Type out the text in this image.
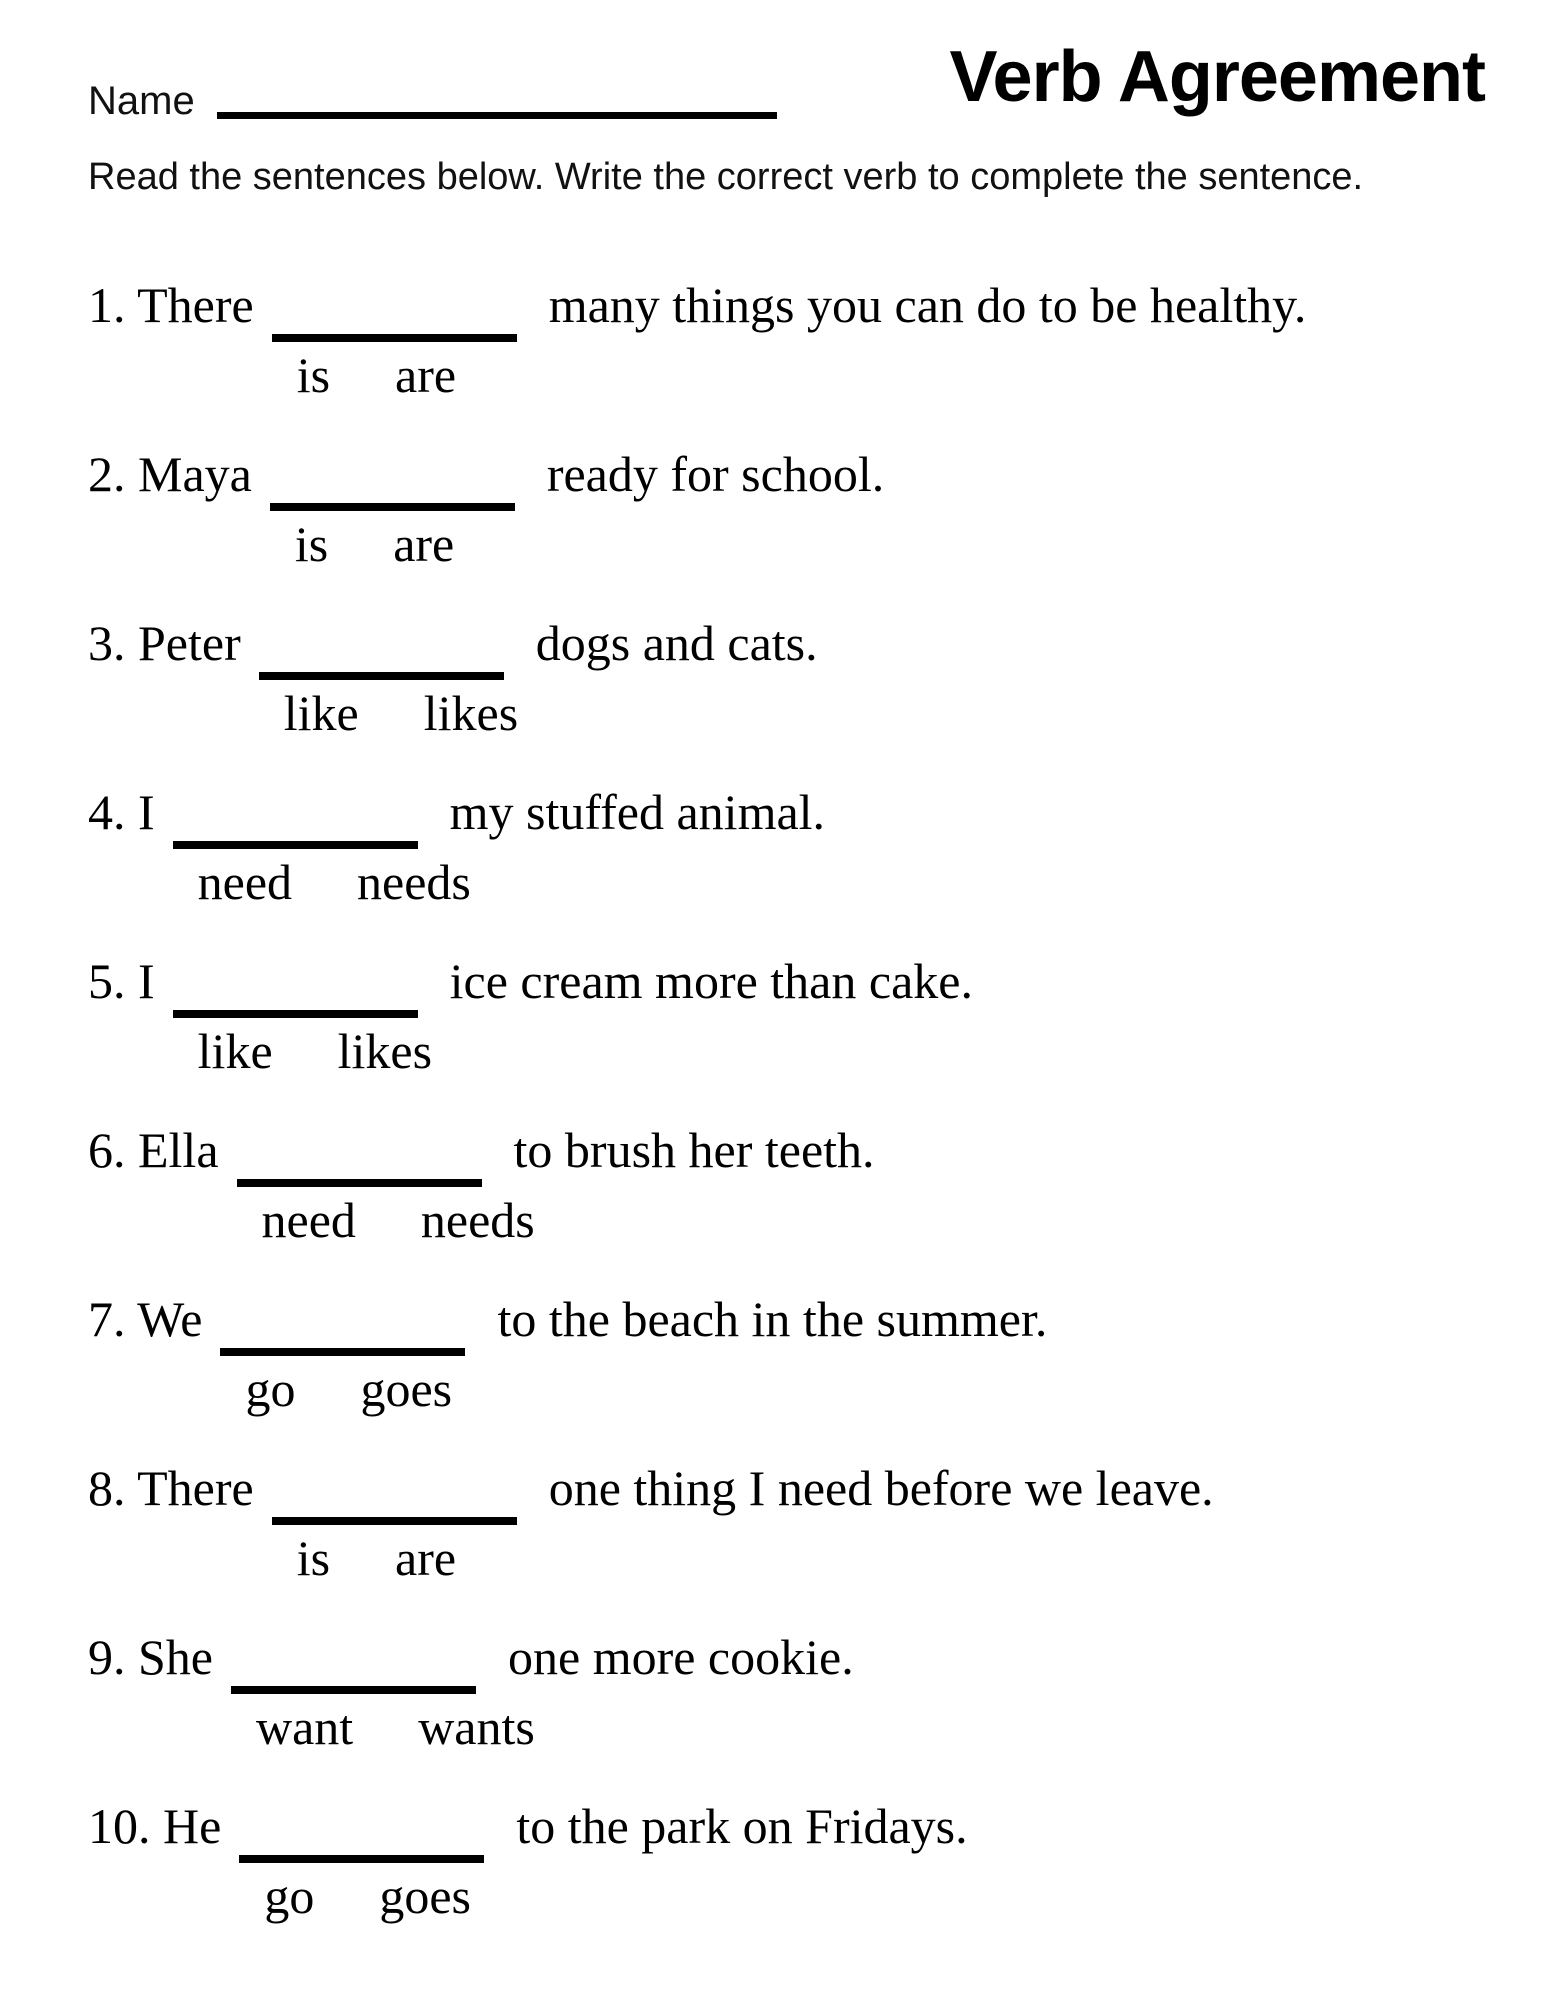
Name	Verb Agreement

Read the sentences below. Write the correct verb to complete the sentence.

1. There
is are
many things you can do to be healthy.
2. Maya
is are
ready for school.
3. Peter
like likes
dogs and cats.
4. I
need needs
my stuffed animal.
5. I
like likes
ice cream more than cake.
6. Ella
need needs
to brush her teeth.
7. We
go goes
to the beach in the summer.
8. There
is are
one thing I need before we leave.
9. She
want wants
one more cookie.
10. He
go goes
to the park on Fridays.
